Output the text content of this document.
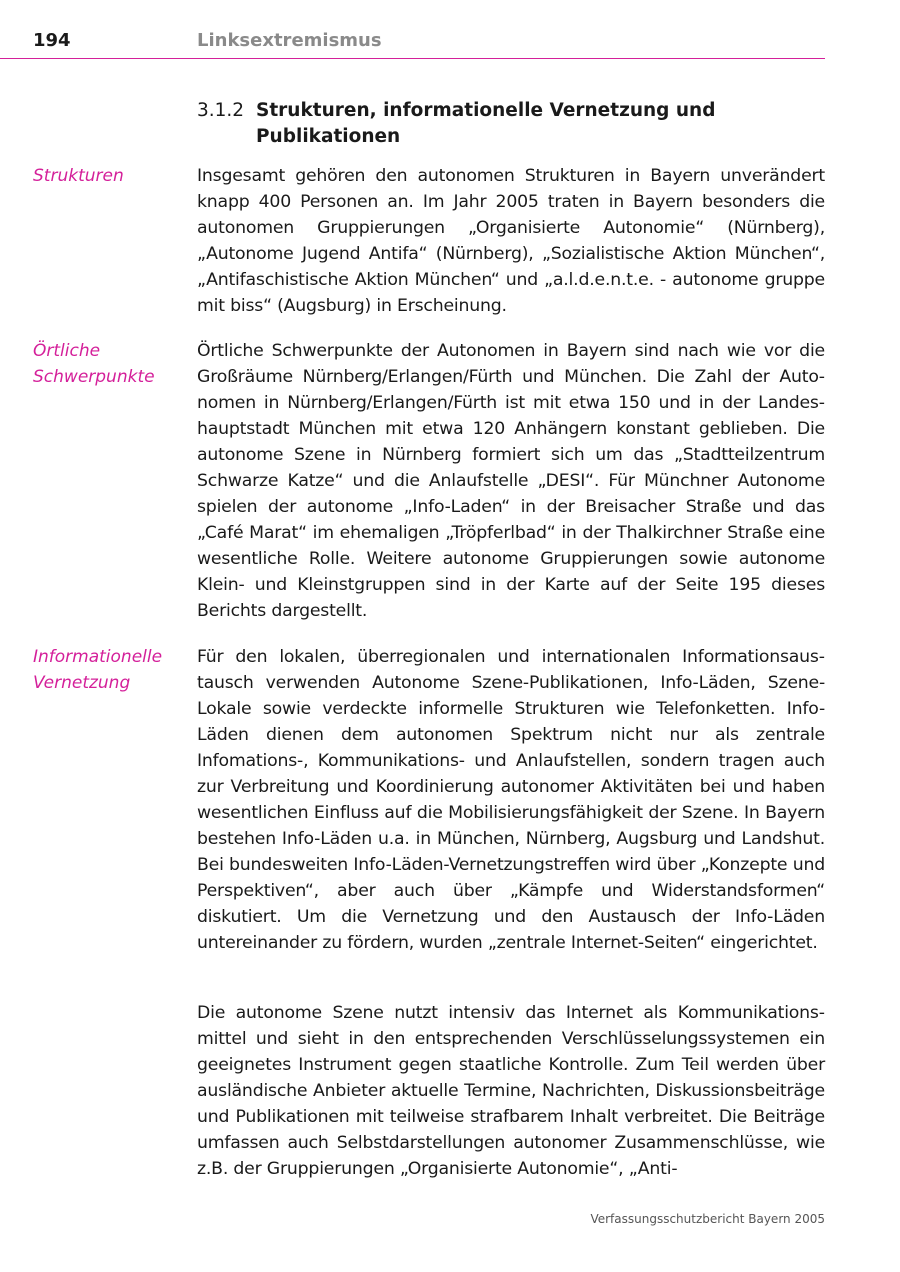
194	Linksextremismus
3.1.2 Strukturen, informationelle Vernetzung und Publikationen
Strukturen	Insgesamt gehören den autonomen Strukturen in Bayern unverändert knapp 400 Personen an. Im Jahr 2005 traten in Bayern besonders die autonomen Gruppierungen „Organisierte Autonomie“ (Nürnberg), „Autonome Jugend Antifa“ (Nürnberg), „Sozialistische Aktion München“, „Antifaschistische Aktion München“ und „a.l.d.e.n.t.e. - autonome gruppe mit biss“ (Augsburg) in Erscheinung.

Örtliche Schwerpunkte

Örtliche Schwerpunkte der Autonomen in Bayern sind nach wie vor die Großräume Nürnberg/Erlangen/Fürth und München. Die Zahl der Autonomen in Nürnberg/Erlangen/Fürth ist mit etwa 150 und in der Landeshauptstadt München mit etwa 120 Anhängern konstant geblieben. Die autonome Szene in Nürnberg formiert sich um das „Stadtteilzentrum Schwarze Katze“ und die Anlaufstelle „DESI“. Für Münchner Autonome spielen der autonome „Info-Laden“ in der Breisacher Straße und das „Café Marat“ im ehemaligen „Tröpferlbad“ in der Thalkirchner Straße eine wesentliche Rolle. Weitere autonome Gruppierungen sowie autonome Klein- und Kleinstgruppen sind in der Karte auf der Seite 195 dieses Berichts dargestellt.

Informationelle Vernetzung

Für den lokalen, überregionalen und internationalen Informationsaustausch verwenden Autonome Szene-Publikationen, Info-Läden, Szene-Lokale sowie verdeckte informelle Strukturen wie Telefonketten. Info-Läden dienen dem autonomen Spektrum nicht nur als zentrale Infomations-, Kommunikations- und Anlaufstellen, sondern tragen auch zur Verbreitung und Koordinierung autonomer Aktivitäten bei und haben wesentlichen Einfluss auf die Mobilisierungsfähigkeit der Szene. In Bayern bestehen Info-Läden u.a. in München, Nürnberg, Augsburg und Landshut. Bei bundesweiten Info-Läden-Vernetzungstreffen wird über „Konzepte und Perspektiven“, aber auch über „Kämpfe und Widerstandsformen“ diskutiert. Um die Vernetzung und den Austausch der Info-Läden untereinander zu fördern, wurden „zentrale Internet-Seiten“ eingerichtet.

Die autonome Szene nutzt intensiv das Internet als Kommunikationsmittel und sieht in den entsprechenden Verschlüsselungssystemen ein geeignetes Instrument gegen staatliche Kontrolle. Zum Teil werden über ausländische Anbieter aktuelle Termine, Nachrichten, Diskussionsbeiträge und Publikationen mit teilweise strafbarem Inhalt verbreitet. Die Beiträge umfassen auch Selbstdarstellungen autonomer Zusammenschlüsse, wie z.B. der Gruppierungen „Organisierte Autonomie“, „Anti-

Verfassungsschutzbericht Bayern 2005
